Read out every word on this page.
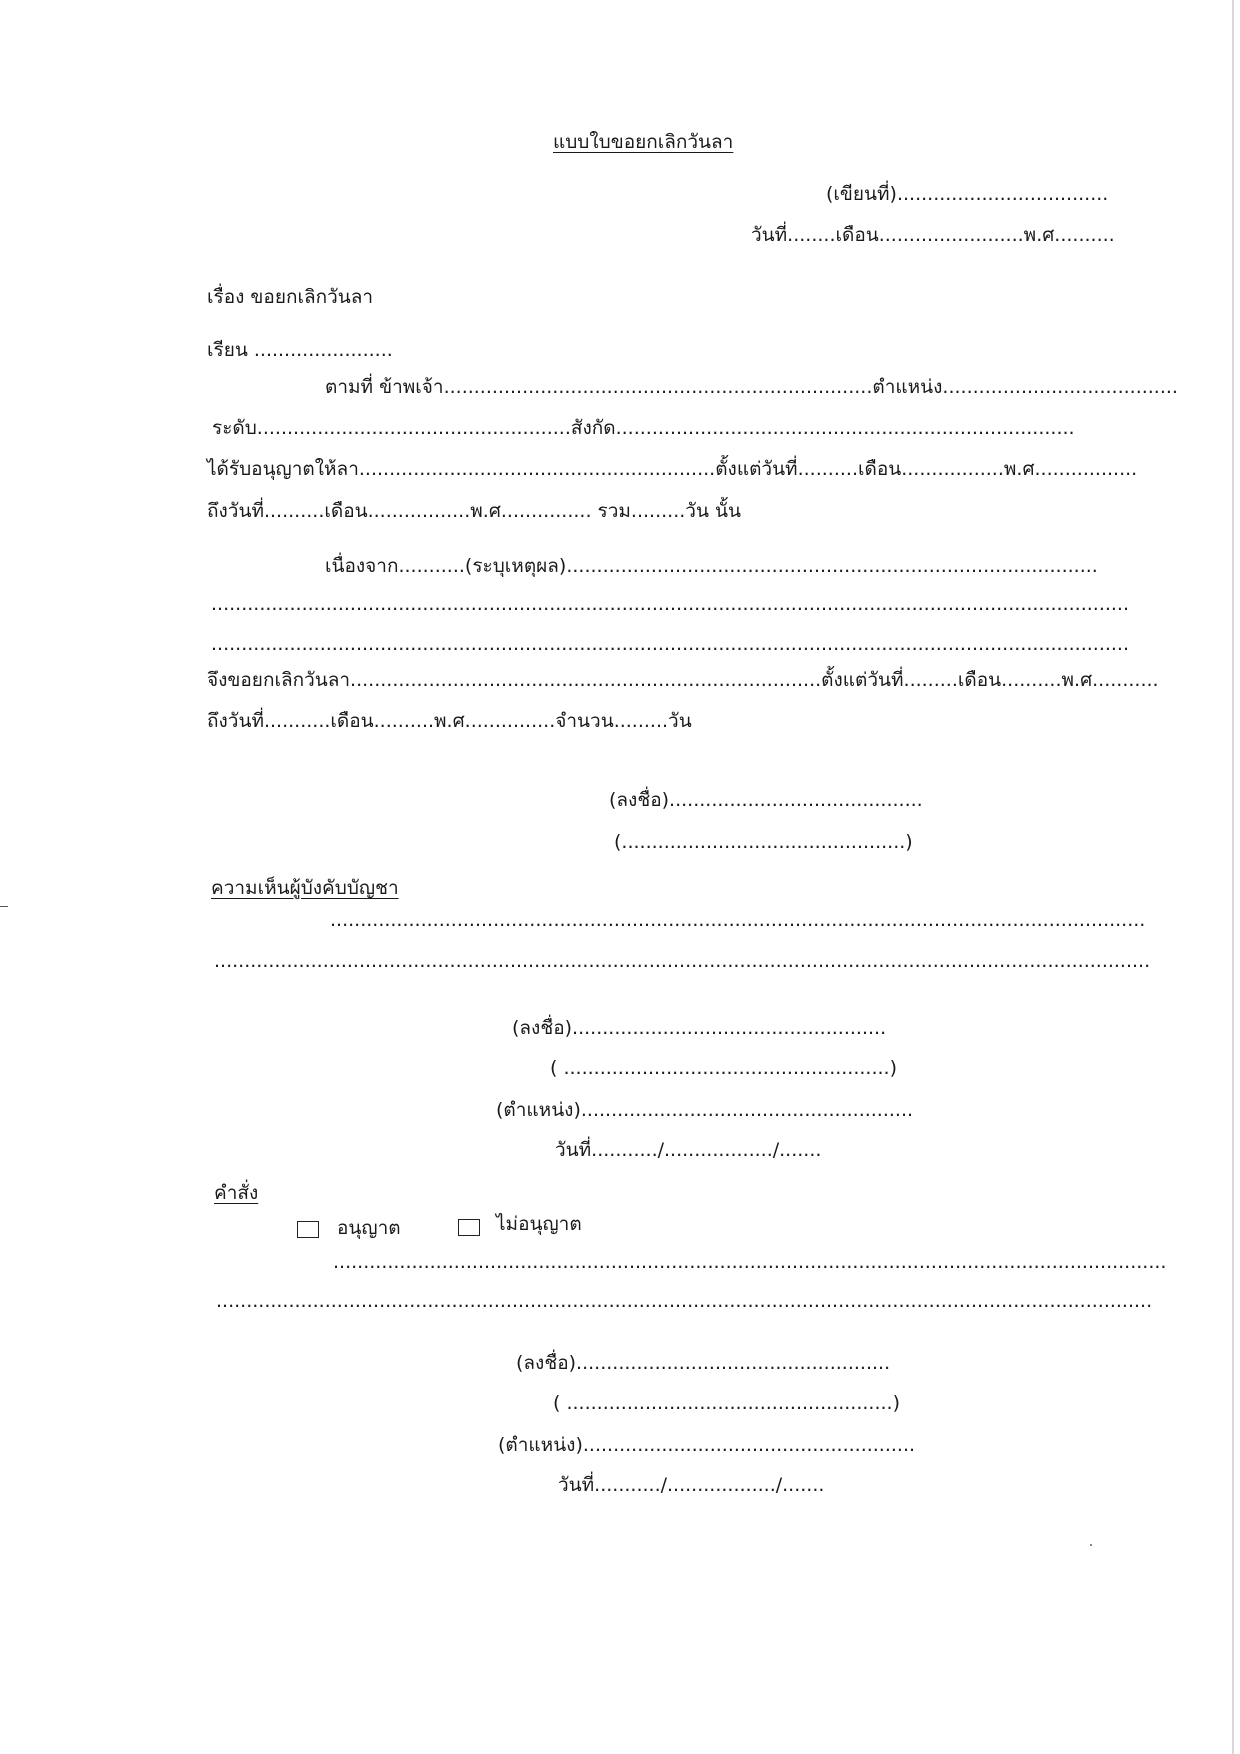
แบบใบขอยกเลิกวันลา
(เขียนที่)...................................
วันที่........เดือน........................พ.ศ..........
เรื่อง ขอยกเลิกวันลา
เรียน .......................
ตามที่ ข้าพเจ้า.......................................................................ตำแหน่ง.......................................
ระดับ....................................................สังกัด............................................................................
ได้รับอนุญาตให้ลา...........................................................ตั้งแต่วันที่..........เดือน.................พ.ศ.................
ถึงวันที่..........เดือน.................พ.ศ............... รวม.........วัน นั้น
เนื่องจาก...........(ระบุเหตุผล)........................................................................................
........................................................................................................................................................
........................................................................................................................................................
จึงขอยกเลิกวันลา..............................................................................ตั้งแต่วันที่.........เดือน..........พ.ศ...........
ถึงวันที่...........เดือน..........พ.ศ...............จำนวน.........วัน
(ลงชื่อ)..........................................
(...............................................)
ความเห็นผู้บังคับบัญชา
.......................................................................................................................................
...........................................................................................................................................................
(ลงชื่อ)....................................................
( ......................................................)
(ตำแหน่ง).......................................................
วันที่.........../................../.......
คำสั่ง
อนุญาต	ไม่อนุญาต
..........................................................................................................................................
...........................................................................................................................................................
(ลงชื่อ)....................................................
( ......................................................)
(ตำแหน่ง).......................................................
วันที่.........../................../.......
